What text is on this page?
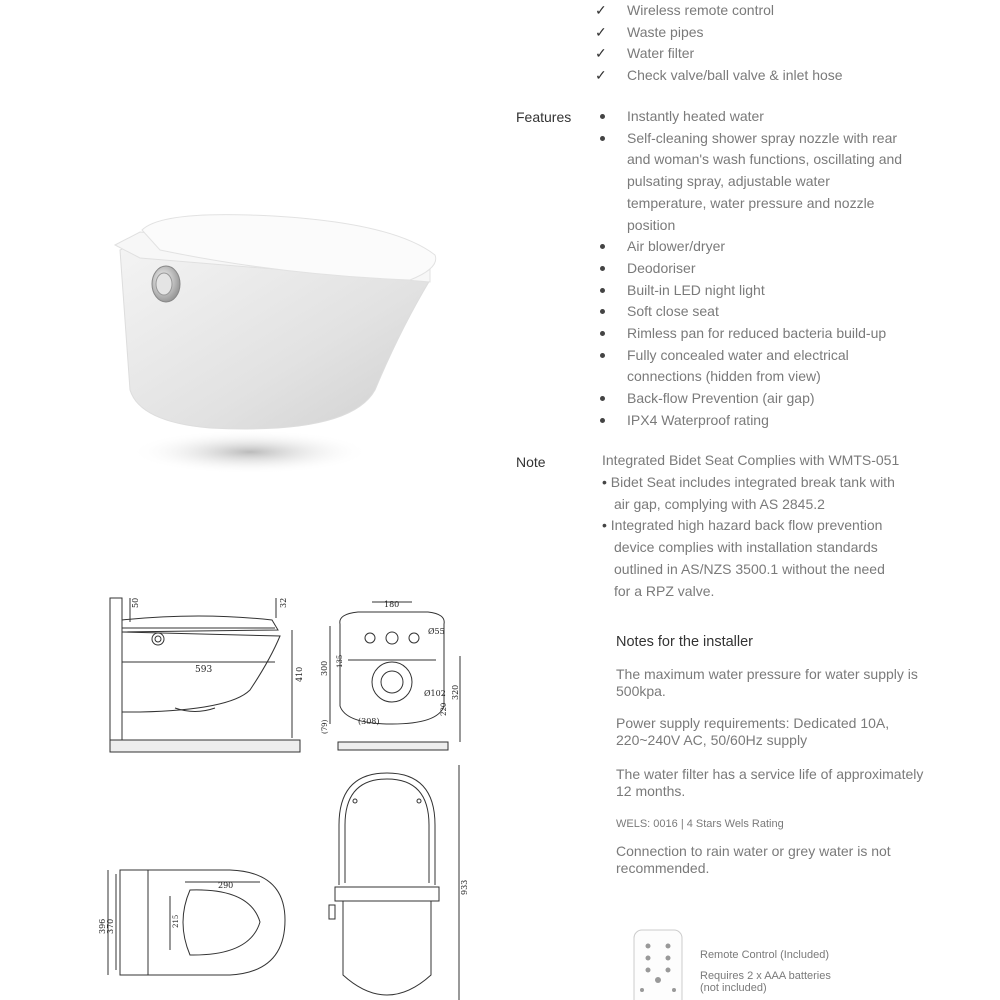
✓ Wireless remote control
✓ Waste pipes
✓ Water filter
✓ Check valve/ball valve & inlet hose
Features	Instantly heated water
Self-cleaning shower spray nozzle with rear
and woman's wash functions, oscillating and
pulsating spray, adjustable water
temperature, water pressure and nozzle
position
Air blower/dryer
Deodoriser
Built-in LED night light
Soft close seat
Rimless pan for reduced bacteria build-up
Fully concealed water and electrical
connections (hidden from view)
Back-flow Prevention (air gap)
IPX4 Waterproof rating
Note	Integrated Bidet Seat Complies with WMTS-051
• Bidet Seat includes integrated break tank with
air gap, complying with AS 2845.2
• Integrated high hazard back flow prevention
device complies with installation standards
outlined in AS/NZS 3500.1 without the need
for a RPZ valve.
Notes for the installer
The maximum water pressure for water supply is
500kpa.
Power supply requirements: Dedicated 10A,
220~240V AC, 50/60Hz supply
The water filter has a service life of approximately
12 months.
WELS: 0016 | 4 Stars Wels Rating
Connection to rain water or grey water is not
recommended.
Remote Control (Included)
Requires 2 x AAA batteries
(not included)
50	32
593	410
180
Ø55
135
300
Ø102 320
220
(308)
(79)
290
215
370
396
933
